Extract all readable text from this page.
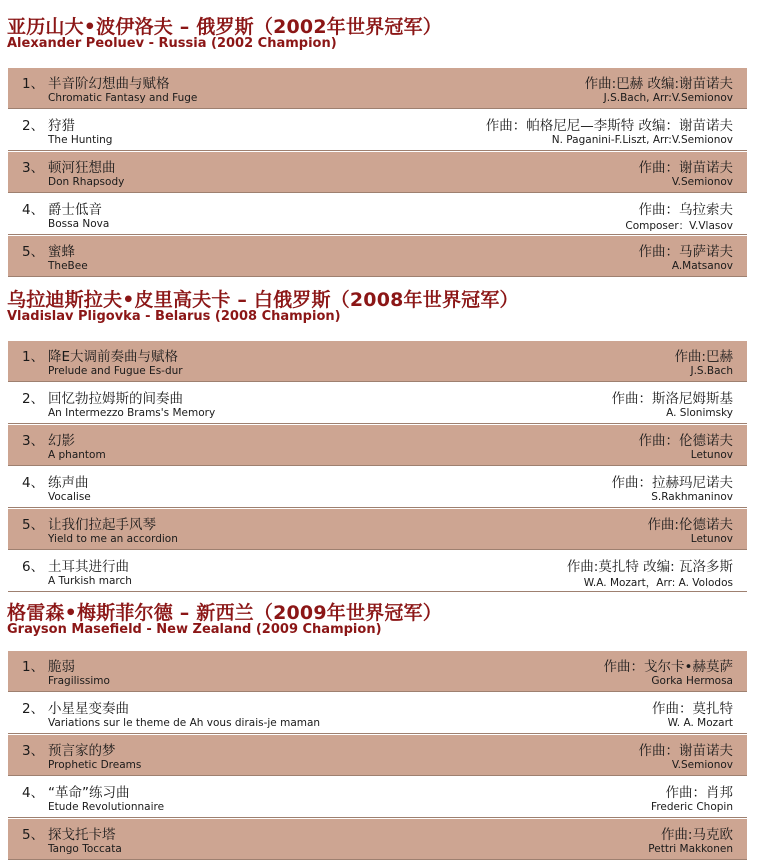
亚历山大•波伊洛夫 – 俄罗斯（2002年世界冠军）
Alexander Peoluev - Russia (2002 Champion)
1、 半音阶幻想曲与赋格
Chromatic Fantasy and Fuge
作曲:巴赫 改编:谢苗诺夫
J.S.Bach, Arr:V.Semionov
2、 狩猎
The Hunting
作曲：帕格尼尼—李斯特 改编：谢苗诺夫
N. Paganini-F.Liszt, Arr:V.Semionov
3、 顿河狂想曲
Don Rhapsody
作曲：谢苗诺夫
V.Semionov
4、 爵士低音
Bossa Nova
作曲：乌拉索夫
Composer：V.Vlasov
5、 蜜蜂
TheBee
作曲：马萨诺夫
A.Matsanov
乌拉迪斯拉夫•皮里高夫卡 – 白俄罗斯（2008年世界冠军）
Vladislav Pligovka - Belarus (2008 Champion)
1、 降E大调前奏曲与赋格
Prelude and Fugue Es-dur
作曲:巴赫
J.S.Bach
2、 回忆勃拉姆斯的间奏曲
An Intermezzo Brams's Memory
作曲：斯洛尼姆斯基
A. Slonimsky
3、 幻影
A phantom
作曲：伦德诺夫
Letunov
4、 练声曲
Vocalise
作曲：拉赫玛尼诺夫
S.Rakhmaninov
5、 让我们拉起手风琴
Yield to me an accordion
作曲:伦德诺夫
Letunov
6、 土耳其进行曲
A Turkish march
作曲:莫扎特 改编: 瓦洛多斯
W.A. Mozart，Arr: A. Volodos
格雷森•梅斯菲尔德 – 新西兰（2009年世界冠军）
Grayson Masefield - New Zealand (2009 Champion)
1、 脆弱
Fragilissimo
作曲：戈尔卡•赫莫萨
Gorka Hermosa
2、 小星星变奏曲
Variations sur le theme de Ah vous dirais-je maman
作曲：莫扎特
W. A. Mozart
3、 预言家的梦
Prophetic Dreams
作曲：谢苗诺夫
V.Semionov
4、 “革命”练习曲
Etude Revolutionnaire
作曲：肖邦
Frederic Chopin
5、 探戈托卡塔
Tango Toccata
作曲:马克欧
Pettri Makkonen
